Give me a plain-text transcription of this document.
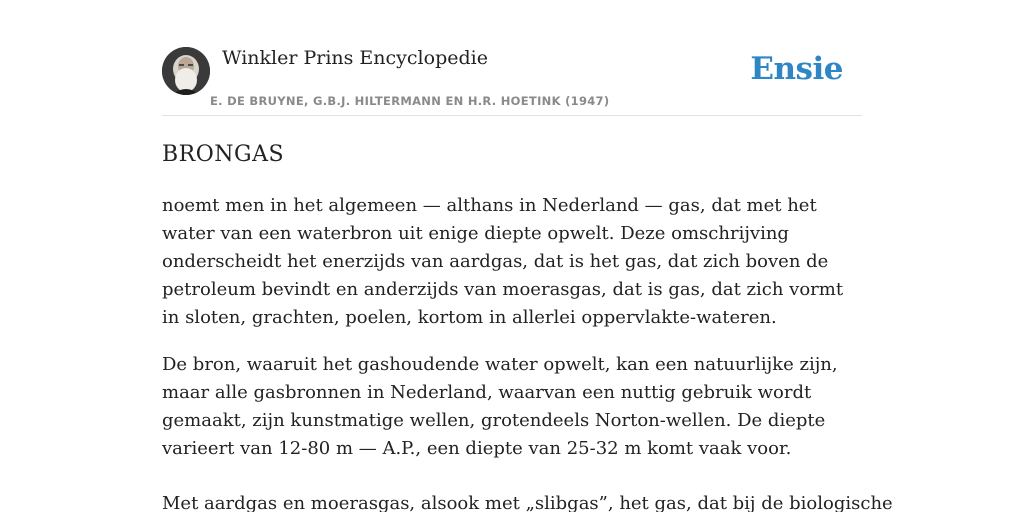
Winkler Prins Encyclopedie
E. DE BRUYNE, G.B.J. HILTERMANN EN H.R. HOETINK (1947)
Ensie
BRONGAS

noemt men in het algemeen — althans in Nederland — gas, dat met het water van een waterbron uit enige diepte opwelt. Deze omschrijving onderscheidt het enerzijds van aardgas, dat is het gas, dat zich boven de petroleum bevindt en anderzijds van moerasgas, dat is gas, dat zich vormt in sloten, grachten, poelen, kortom in allerlei oppervlakte-wateren.

De bron, waaruit het gashoudende water opwelt, kan een natuurlijke zijn, maar alle gasbronnen in Nederland, waarvan een nuttig gebruik wordt gemaakt, zijn kunstmatige wellen, grotendeels Norton-wellen. De diepte varieert van 12-80 m — A.P., een diepte van 25-32 m komt vaak voor.

Met aardgas en moerasgas, alsook met „slibgas”, het gas, dat bij de biologische
